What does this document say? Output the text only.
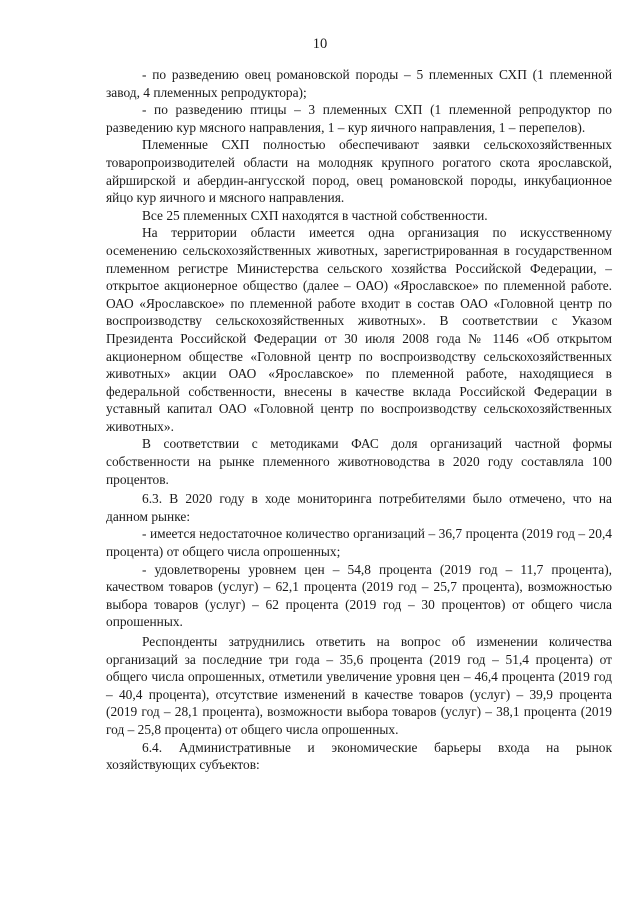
10

- по разведению овец романовской породы – 5 племенных СХП (1 племенной завод, 4 племенных репродуктора);

- по разведению птицы – 3 племенных СХП (1 племенной репродуктор по разведению кур мясного направления, 1 – кур яичного направления, 1 – перепелов).

Племенные СХП полностью обеспечивают заявки сельскохозяйственных товаропроизводителей области на молодняк крупного рогатого скота ярославской, айрширской и абердин-ангусской пород, овец романовской породы, инкубационное яйцо кур яичного и мясного направления.

Все 25 племенных СХП находятся в частной собственности.

На территории области имеется одна организация по искусственному осеменению сельскохозяйственных животных, зарегистрированная в государственном племенном регистре Министерства сельского хозяйства Российской Федерации, – открытое акционерное общество (далее – ОАО) «Ярославское» по племенной работе. ОАО «Ярославское» по племенной работе входит в состав ОАО «Головной центр по воспроизводству сельскохозяйственных животных». В соответствии с Указом Президента Российской Федерации от 30 июля 2008 года № 1146 «Об открытом акционерном обществе «Головной центр по воспроизводству сельскохозяйственных животных» акции ОАО «Ярославское» по племенной работе, находящиеся в федеральной собственности, внесены в качестве вклада Российской Федерации в уставный капитал ОАО «Головной центр по воспроизводству сельскохозяйственных животных».

В соответствии с методиками ФАС доля организаций частной формы собственности на рынке племенного животноводства в 2020 году составляла 100 процентов.

6.3. В 2020 году в ходе мониторинга потребителями было отмечено, что на данном рынке:

- имеется недостаточное количество организаций – 36,7 процента (2019 год – 20,4 процента) от общего числа опрошенных;

- удовлетворены уровнем цен – 54,8 процента (2019 год – 11,7 процента), качеством товаров (услуг) – 62,1 процента (2019 год – 25,7 процента), возможностью выбора товаров (услуг) – 62 процента (2019 год – 30 процентов) от общего числа опрошенных.

Респонденты затруднились ответить на вопрос об изменении количества организаций за последние три года – 35,6 процента (2019 год – 51,4 процента) от общего числа опрошенных, отметили увеличение уровня цен – 46,4 процента (2019 год – 40,4 процента), отсутствие изменений в качестве товаров (услуг) – 39,9 процента (2019 год – 28,1 процента), возможности выбора товаров (услуг) – 38,1 процента (2019 год – 25,8 процента) от общего числа опрошенных.

6.4. Административные и экономические барьеры входа на рынок хозяйствующих субъектов:
